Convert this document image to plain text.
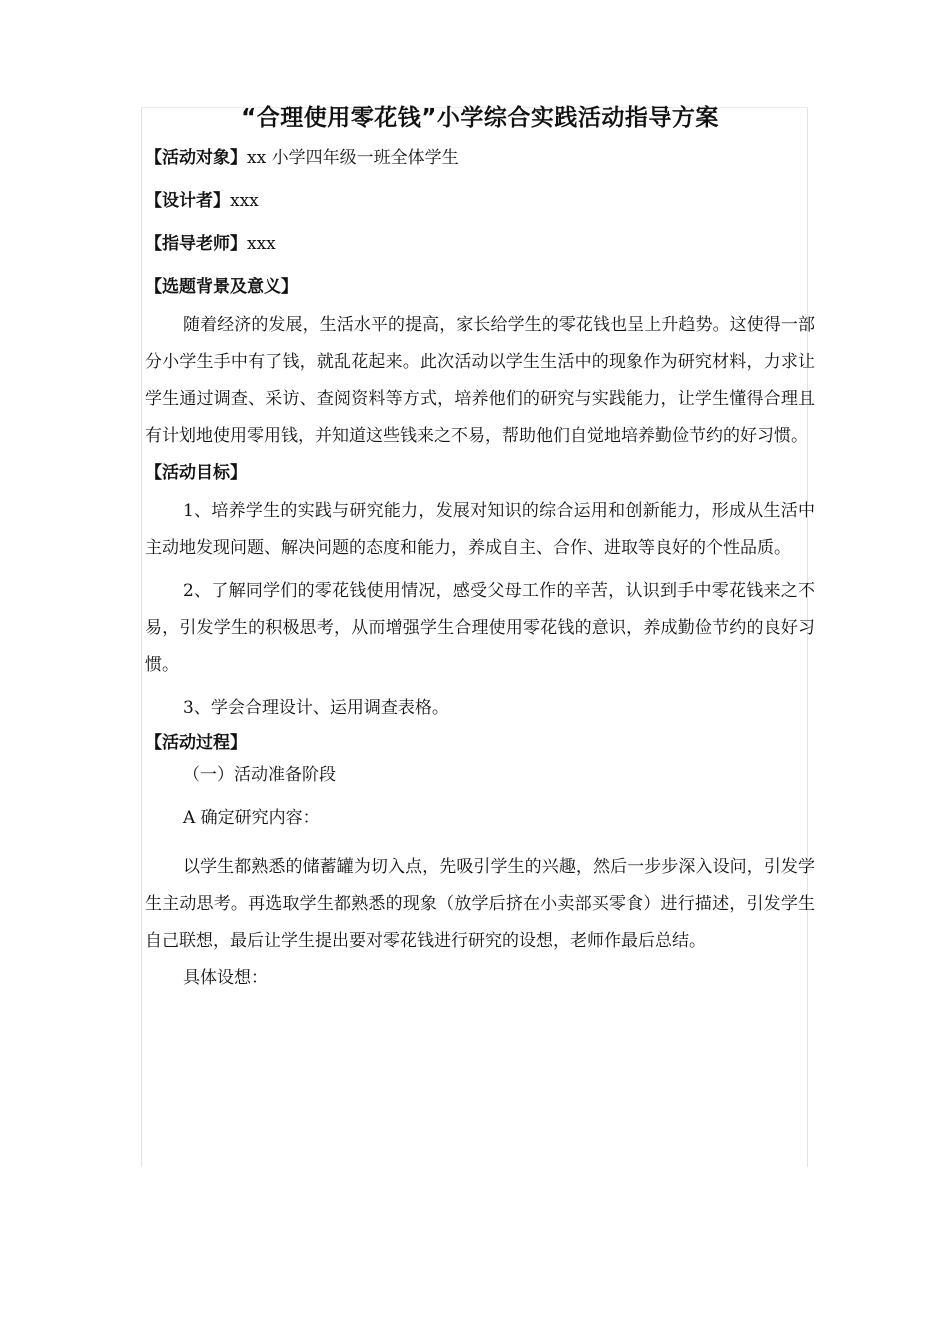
“合理使用零花钱”小学综合实践活动指导方案
【活动对象】xx 小学四年级一班全体学生
【设计者】xxx
【指导老师】xxx
【选题背景及意义】

随着经济的发展，生活水平的提高，家长给学生的零花钱也呈上升趋势。这使得一部分小学生手中有了钱，就乱花起来。此次活动以学生生活中的现象作为研究材料，力求让学生通过调查、采访、查阅资料等方式，培养他们的研究与实践能力，让学生懂得合理且有计划地使用零用钱，并知道这些钱来之不易，帮助他们自觉地培养勤俭节约的好习惯。

【活动目标】

1、培养学生的实践与研究能力，发展对知识的综合运用和创新能力，形成从生活中主动地发现问题、解决问题的态度和能力，养成自主、合作、进取等良好的个性品质。

2、了解同学们的零花钱使用情况，感受父母工作的辛苦，认识到手中零花钱来之不易，引发学生的积极思考，从而增强学生合理使用零花钱的意识，养成勤俭节约的良好习惯。

3、学会合理设计、运用调查表格。

【活动过程】
（一）活动准备阶段
A 确定研究内容：

以学生都熟悉的储蓄罐为切入点，先吸引学生的兴趣，然后一步步深入设问，引发学生主动思考。再选取学生都熟悉的现象（放学后挤在小卖部买零食）进行描述，引发学生自己联想，最后让学生提出要对零花钱进行研究的设想，老师作最后总结。

具体设想：
